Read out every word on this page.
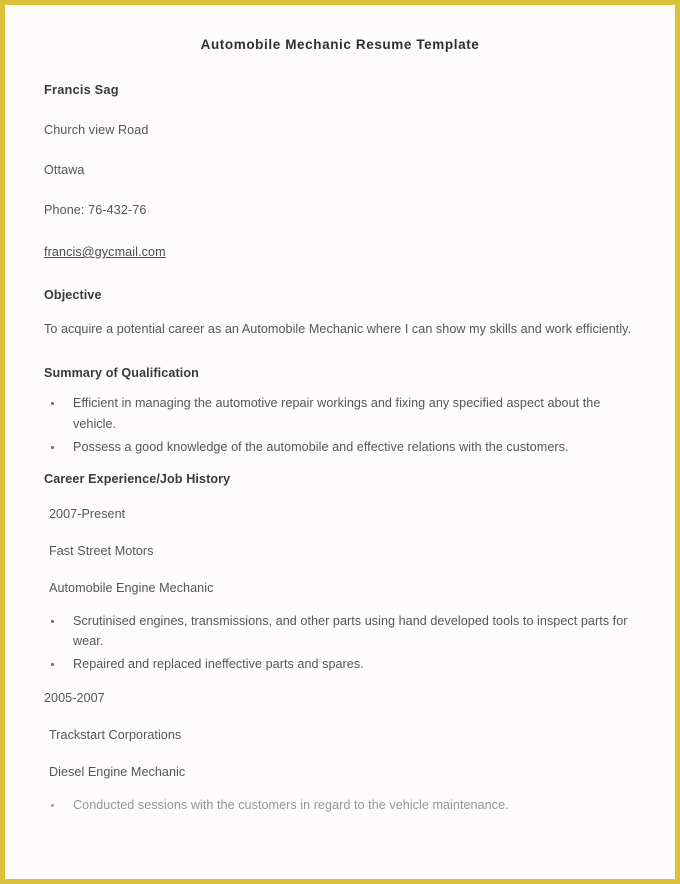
Automobile Mechanic Resume Template
Francis Sag
Church view Road
Ottawa
Phone: 76-432-76
francis@gycmail.com
Objective
To acquire a potential career as an Automobile Mechanic where I can show my skills and work efficiently.
Summary of Qualification
Efficient in managing the automotive repair workings and fixing any specified aspect about the vehicle.
Possess a good knowledge of the automobile and effective relations with the customers.
Career Experience/Job History
2007-Present
Fast Street Motors
Automobile Engine Mechanic
Scrutinised engines, transmissions, and other parts using hand developed tools to inspect parts for wear.
Repaired and replaced ineffective parts and spares.
2005-2007
Trackstart Corporations
Diesel Engine Mechanic
Conducted sessions with the customers in regard to the vehicle maintenance.
